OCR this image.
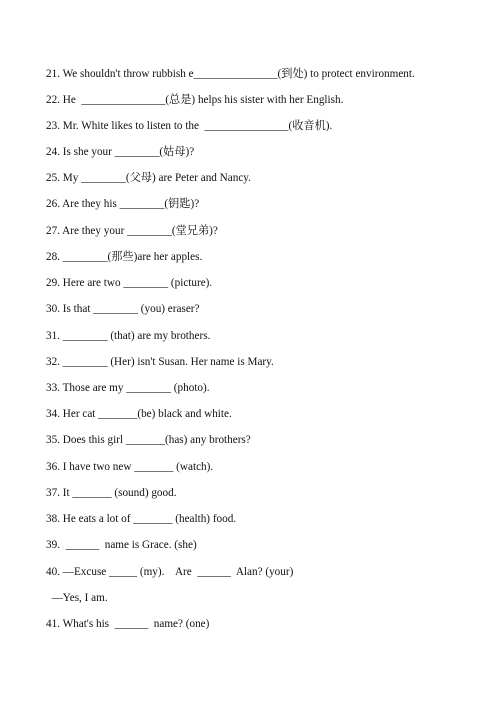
21. We shouldn't throw rubbish e_______________(到处) to protect environment.
22. He  _______________(总是) helps his sister with her English.
23. Mr. White likes to listen to the  _______________(收音机).
24. Is she your ________(姑母)?
25. My ________(父母) are Peter and Nancy.
26. Are they his ________(钥匙)?
27. Are they your ________(堂兄弟)?
28. ________(那些)are her apples.
29. Here are two ________ (picture).
30. Is that ________ (you) eraser?
31. ________ (that) are my brothers.
32. ________ (Her) isn't Susan. Her name is Mary.
33. Those are my ________ (photo).
34. Her cat _______(be) black and white.
35. Does this girl _______(has) any brothers?
36. I have two new _______ (watch).
37. It _______ (sound) good.
38. He eats a lot of _______ (health) food.
39.  ______  name is Grace. (she)
40. —Excuse _____ (my).    Are  ______  Alan? (your)
—Yes, I am.
41. What's his  ______  name? (one)
